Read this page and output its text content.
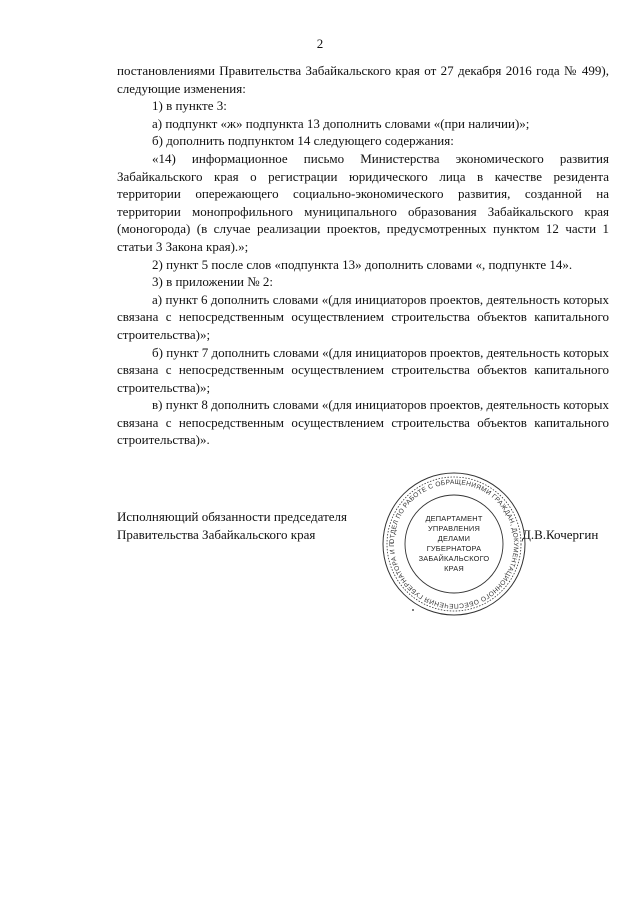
2

постановлениями Правительства Забайкальского края от 27 декабря 2016 года № 499), следующие изменения:

1) в пункте 3:

а) подпункт «ж» подпункта 13 дополнить словами «(при наличии)»;

б) дополнить подпунктом 14 следующего содержания:

«14) информационное письмо Министерства экономического развития Забайкальского края о регистрации юридического лица в качестве резидента территории опережающего социально-экономического развития, созданной на территории монопрофильного муниципального образования Забайкальского края (моногорода) (в случае реализации проектов, предусмотренных пунктом 12 части 1 статьи 3 Закона края).»;

2) пункт 5 после слов «подпункта 13» дополнить словами «, подпункте 14».

3) в приложении № 2:

а) пункт 6 дополнить словами «(для инициаторов проектов, деятельность которых связана с непосредственным осуществлением строительства объектов капитального строительства)»;

б) пункт 7 дополнить словами «(для инициаторов проектов, деятельность которых связана с непосредственным осуществлением строительства объектов капитального строительства)»;

в) пункт 8 дополнить словами «(для инициаторов проектов, деятельность которых связана с непосредственным осуществлением строительства объектов капитального строительства)».

Исполняющий обязанности председателя
Правительства Забайкальского края	ОТДЕЛ ПО РАБОТЕ С ОБРАЩЕНИЯМИ ГРАЖДАН, ДОКУМЕНТАЦИОННОГО ОБЕСПЕЧЕНИЯ ГУБЕРНАТОРА И П
ДЕПАРТАМЕНТ
УПРАВЛЕНИЯ
ДЕЛАМИ
ГУБЕРНАТОРА
ЗАБАЙКАЛЬСКОГО
КРАЯ
Д.В.Кочергин
